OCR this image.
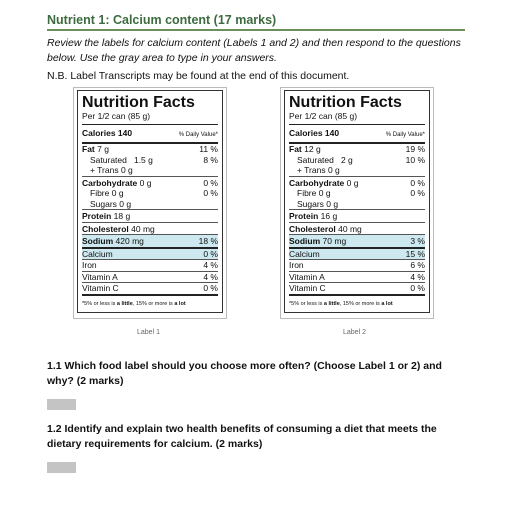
Nutrient 1: Calcium content (17 marks)
Review the labels for calcium content (Labels 1 and 2) and then respond to the questions below. Use the gray area to type in your answers.
N.B. Label Transcripts may be found at the end of this document.
Nutrition Facts
Per 1/2 can (85 g)
Calories 140	% Daily Value*
Fat 7 g	11 %
Saturated 1.5 g	8 %
+ Trans 0 g
Carbohydrate 0 g	0 %
Fibre 0 g	0 %
Sugars 0 g
Protein 18 g
Cholesterol 40 mg
Sodium 420 mg	18 %
Calcium	0 %
Iron	4 %
Vitamin A	4 %
Vitamin C	0 %
*5% or less is a little, 15% or more is a lot
Nutrition Facts
Per 1/2 can (85 g)
Calories 140	% Daily Value*
Fat 12 g	19 %
Saturated 2 g	10 %
+ Trans 0 g
Carbohydrate 0 g	0 %
Fibre 0 g	0 %
Sugars 0 g
Protein 16 g
Cholesterol 40 mg
Sodium 70 mg	3 %
Calcium	15 %
Iron	6 %
Vitamin A	4 %
Vitamin C	0 %
*5% or less is a little, 15% or more is a lot
Label 1	Label 2
1.1 Which food label should you choose more often? (Choose Label 1 or 2) and why? (2 marks)
1.2 Identify and explain two health benefits of consuming a diet that meets the dietary requirements for calcium. (2 marks)
